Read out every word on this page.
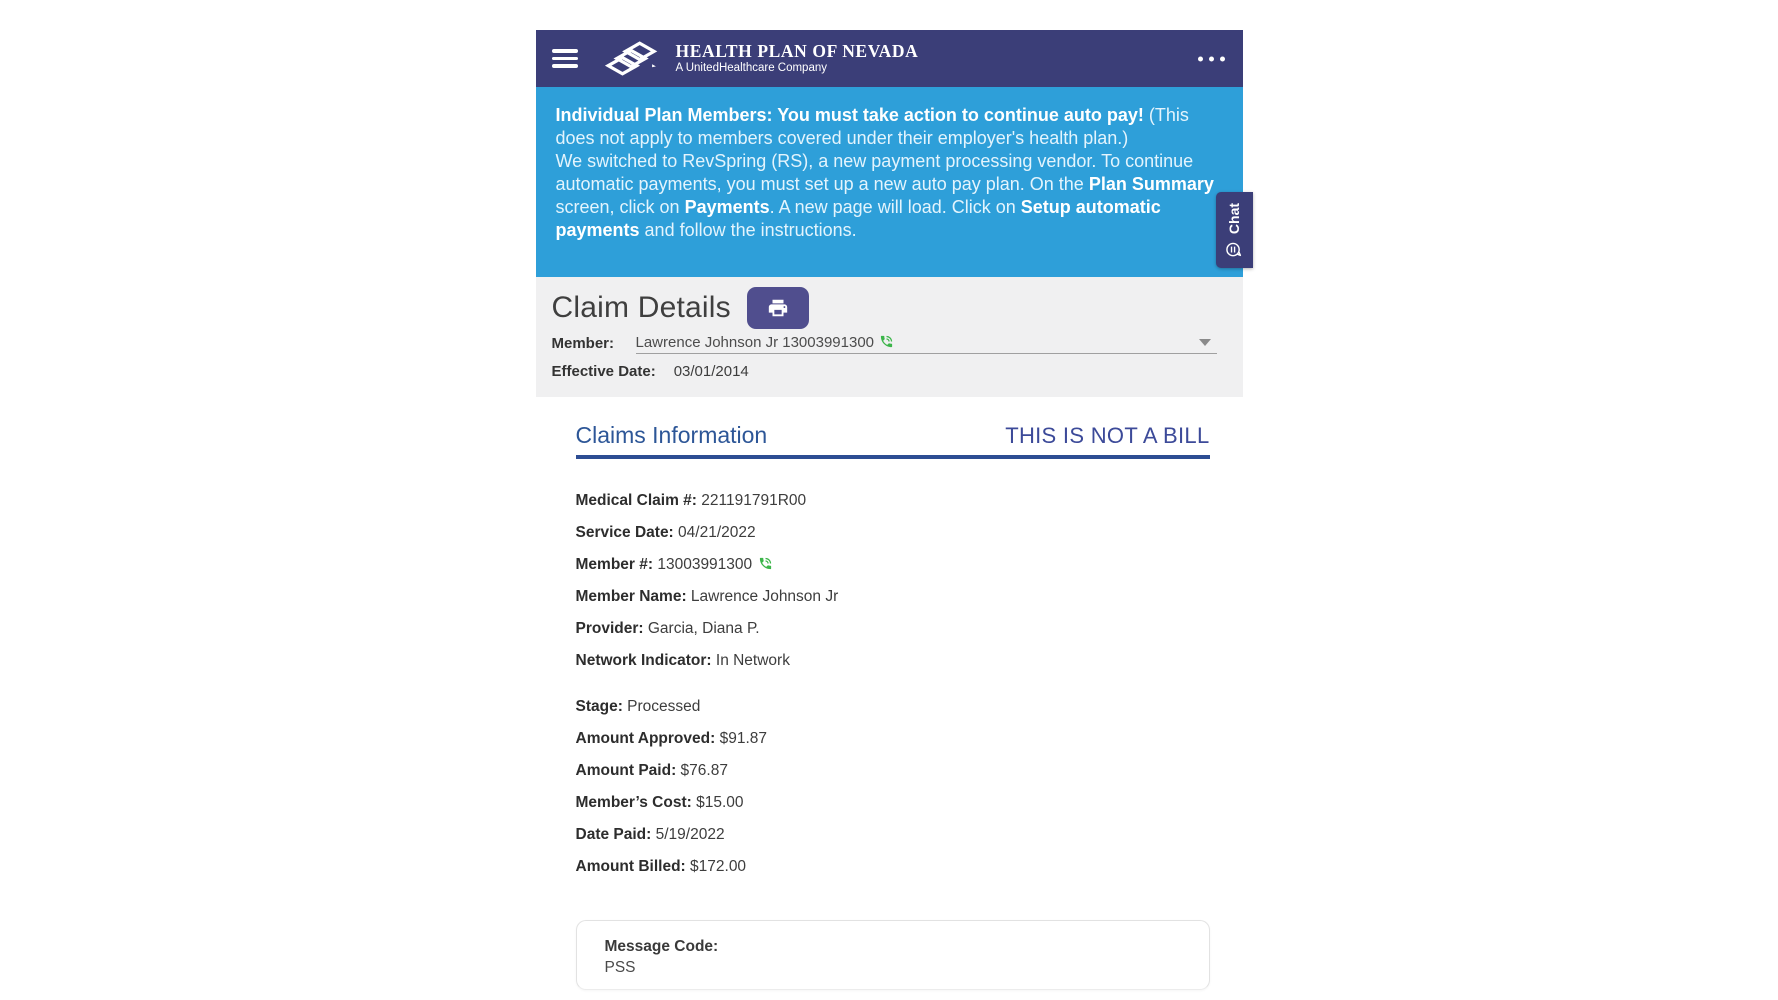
HEALTH PLAN OF NEVADA
A UnitedHealthcare Company

Individual Plan Members: You must take action to continue auto pay! (This does not apply to members covered under their employer's health plan.)
We switched to RevSpring (RS), a new payment processing vendor. To continue automatic payments, you must set up a new auto pay plan. On the Plan Summary screen, click on Payments. A new page will load. Click on Setup automatic payments and follow the instructions.	Chat
Claim Details
Member:	Lawrence Johnson Jr 13003991300
Effective Date: 03/01/2014
Claims Information	THIS IS NOT A BILL
Medical Claim #: 221191791R00
Service Date: 04/21/2022
Member #: 13003991300
Member Name: Lawrence Johnson Jr
Provider: Garcia, Diana P.
Network Indicator: In Network
Stage: Processed
Amount Approved: $91.87
Amount Paid: $76.87
Member’s Cost: $15.00
Date Paid: 5/19/2022
Amount Billed: $172.00
Message Code:
PSS
